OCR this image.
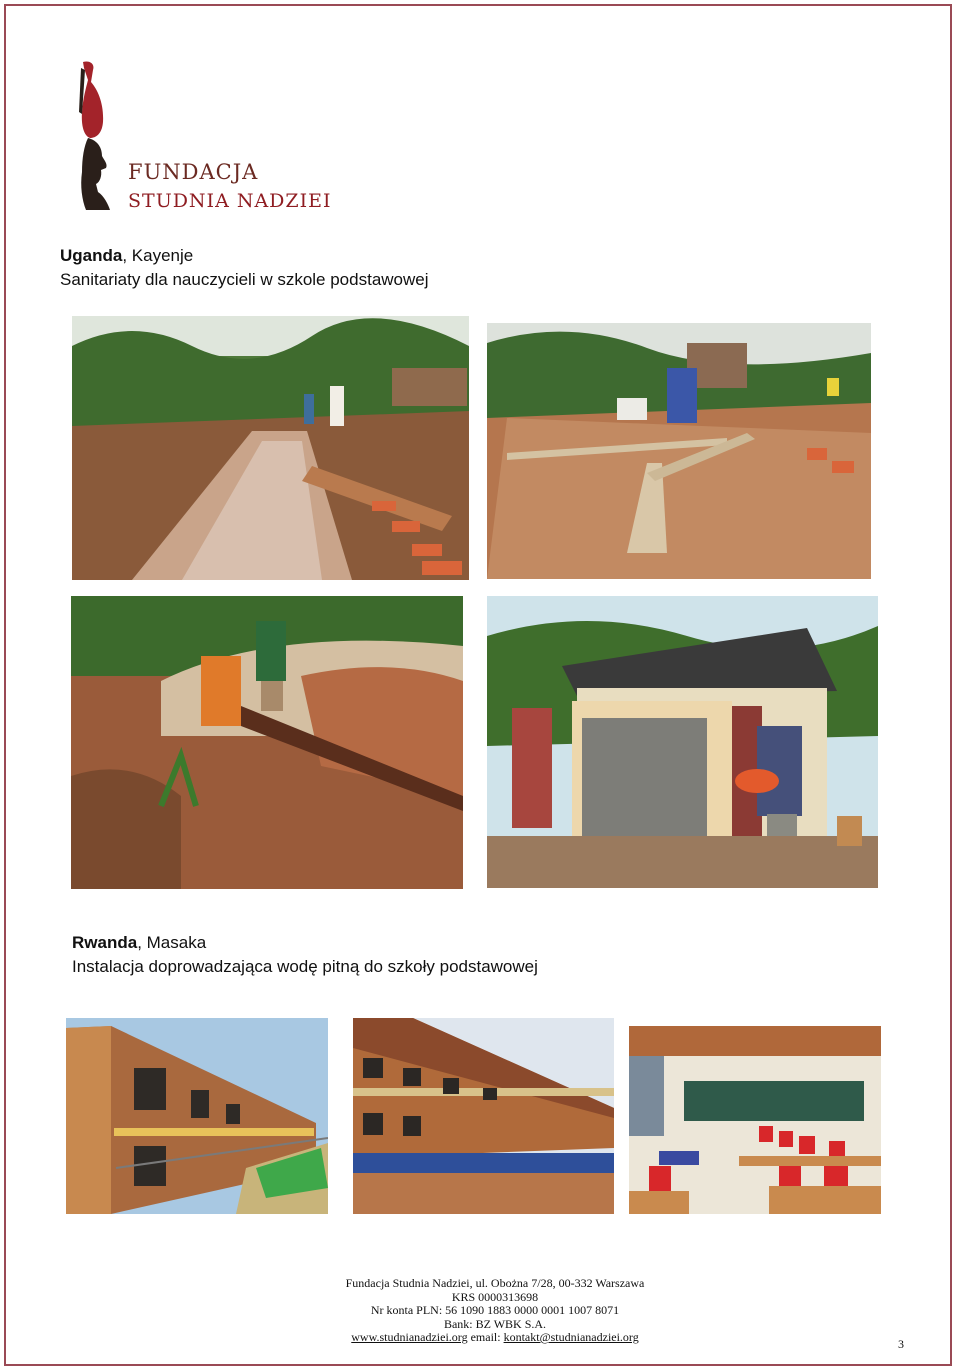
FUNDACJA
STUDNIA NADZIEI
Uganda, Kayenje
Sanitariaty dla nauczycieli w szkole podstawowej
Rwanda, Masaka
Instalacja doprowadzająca wodę pitną do szkoły podstawowej
Fundacja Studnia Nadziei, ul. Obożna 7/28, 00-332 Warszawa
KRS 0000313698
Nr konta PLN: 56 1090 1883 0000 0001 1007 8071
Bank: BZ WBK S.A.
www.studnianadziei.org email: kontakt@studnianadziei.org	3
